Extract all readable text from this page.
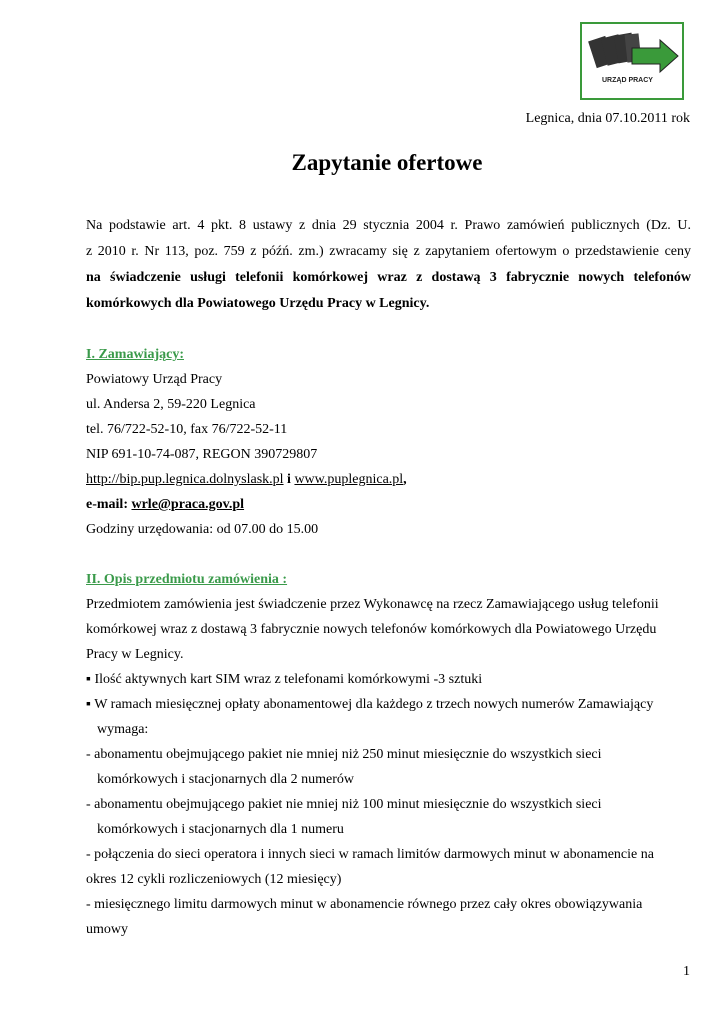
URZĄD PRACY
Legnica, dnia 07.10.2011 rok
Zapytanie ofertowe

Na podstawie art. 4 pkt. 8 ustawy z dnia 29 stycznia 2004 r. Prawo zamówień publicznych (Dz. U.
z 2010 r. Nr 113, poz. 759 z późń. zm.) zwracamy się z zapytaniem ofertowym o przedstawienie ceny
na świadczenie usługi telefonii komórkowej wraz z dostawą 3 fabrycznie nowych telefonów
komórkowych dla Powiatowego Urzędu Pracy w Legnicy.

I. Zamawiający:

Powiatowy Urząd Pracy
ul. Andersa 2, 59-220 Legnica
tel. 76/722-52-10, fax 76/722-52-11
NIP 691-10-74-087, REGON 390729807
http://bip.pup.legnica.dolnyslask.pl i www.puplegnica.pl,
e-mail: wrle@praca.gov.pl
Godziny urzędowania: od 07.00 do 15.00

II. Opis przedmiotu zamówienia :

Przedmiotem zamówienia jest świadczenie przez Wykonawcę na rzecz Zamawiającego usług telefonii
komórkowej wraz z dostawą 3 fabrycznie nowych telefonów komórkowych dla Powiatowego Urzędu
Pracy w Legnicy.
▪ Ilość aktywnych kart SIM wraz z telefonami komórkowymi -3 sztuki
▪ W ramach miesięcznej opłaty abonamentowej dla każdego z trzech nowych numerów Zamawiający
wymaga:
- abonamentu obejmującego pakiet nie mniej niż 250 minut miesięcznie do wszystkich sieci
komórkowych i stacjonarnych dla 2 numerów
- abonamentu obejmującego pakiet nie mniej niż 100 minut miesięcznie do wszystkich sieci
komórkowych i stacjonarnych dla 1 numeru
- połączenia do sieci operatora i innych sieci w ramach limitów darmowych minut w abonamencie na
okres 12 cykli rozliczeniowych (12 miesięcy)
- miesięcznego limitu darmowych minut w abonamencie równego przez cały okres obowiązywania
umowy
1
